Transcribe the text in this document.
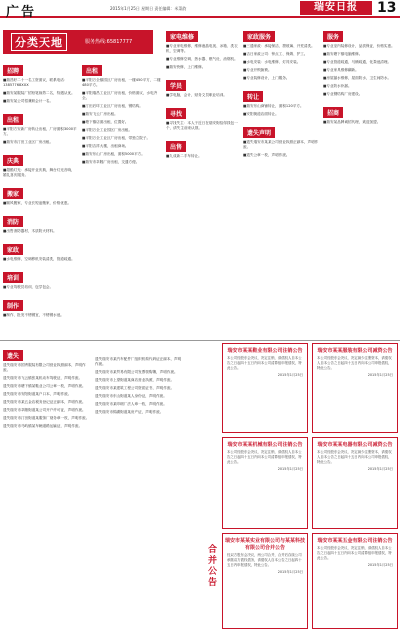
广告	2015年1月25日 星期日 责任编辑：米菜韵	瑞安日报	13
分类天地	服务热线:65817777
招聘
■瑞昌盱二十一名工资面议，联系电话：13857768XXX
■瑞安某服装厂招铅笔裁剪二名，待遇从优。
■瑞安某公司招兼职会计一名。
出租
■平阳方安新厂房转让出租，厂房面积3000平方。
■瑞安市汀田工业区厂房出租。
庆典
■超酷灯光：承接开业庆典，舞台灯光音响，婚礼喜庆服务。
搬家
■顺风搬家，专业长短途搬家，价格优惠。
消防
■出售消防器材，木质防火材料。
家政
■水电维修，空调移机安装清洗，管道疏通。
培训
■专业驾驶员培训，包学包会。
制作
■制作、批发不锈钢宜，不锈钢水池。
出租
■平阳万全镇园区厂房出租，一楼450平方，二楼480平方。
■平阳瑞昌工业区厂房出租，价格面议，水电齐全。
■汀田后垟工业区厂房出租，钢结构。
■瑞安飞云厂房出租。
■塘下镇店面出租，位置好。
■平阳万全工业园区厂房出租。
■平阳万全工业区厂房出租，带独立院子。
■平阳吉祥大楼，出租商场。
■瑞安东山厂房出租，面积5000平方。
■瑞安市莘塍厂房出租，交通方便。
家电维修
■专业家电维修，维修液晶电视、冰箱、洗衣机、空调等。
■专业维修空调、热水器、燃气灶、油烟机。
■瑞安快修，上门维修。
学员
■学电脑，会计，财务文员职业培训。
寻找
■寻找失主：本人于近日在瑞安街拾得钱包一个，请失主前来认领。
出售
■九成新二手车转让。
家政服务
■三通家政：承接保洁、擦玻璃、开荒清洗。
■吉日家政公司：钟点工、保姆、护工。
■水电安装：水电维修、灯具安装。
■专业开锁换锁。
■专业装修设计，上门服务。
转让
■瑞安东山商铺转让，面积120平方。
■安阳街道店面转让。
遗失声明
■遗失瑞安市某某公司营业执照正副本，声明作废。
■遗失公章一枚，声明作废。
服务
■专业室内装修设计，品质保证，价格实惠。
■瑞安塘下镇电脑维修。
■专业管道疏通，马桶疏通，化粪池清理。
■专业家具维修翻新。
■房屋漏水维修，屋面防水，卫生间防水。
■专业防水补漏。
■专业钢结构厂房建设。
招商
■瑞安某品牌诚招代理，欢迎加盟。
遗失
遗失瑞安市国秀服装有限公司营业执照副本，声明作废。
遗失瑞安市飞云镇张某机动车驾驶证，声明作废。
遗失瑞安市塘下镇某鞋业公司公章一枚，声明作废。
遗失瑞安市安阳街道某户口本，声明作废。
遗失瑞安市某五金店税务登记证正副本，声明作废。
遗失瑞安市莘塍街道某公司开户许可证，声明作废。
遗失瑞安市汀田街道某服饰厂财务章一枚，声明作废。
遗失瑞安市马屿镇某车辆道路运输证，声明作废。
遗失瑞安市某汽车配件厂组织机构代码证正副本，声明作废。
遗失瑞安市某贸易有限公司发票领购簿，声明作废。
遗失瑞安市上望街道某商店营业执照，声明作废。
遗失瑞安市某建筑工程公司资质证书，声明作废。
遗失瑞安市东山街道某人身份证，声明作废。
遗失瑞安市某印刷厂法人章一枚，声明作废。
遗失瑞安市锦湖街道某房产证，声明作废。
合并公告
瑞安市某某鞋业有限公司注销公告
本公司经股东会决议，决定注销，请债权人自本公告之日起四十五日内向本公司清算组申报债权，特此公告。
2015年1月25日
瑞安市某某服装有限公司减资公告
本公司经股东会决议，决定减少注册资本，请债权人自本公告之日起四十五日内向本公司申报债权，特此公告。
2015年1月25日
瑞安市某某机械有限公司注销公告
本公司经股东会决议，决定注销，请债权人自本公告之日起四十五日内向本公司清算组申报债权，特此公告。
2015年1月25日
瑞安市某某电器有限公司减资公告
本公司经股东会决议，决定减少注册资本，请债权人自本公告之日起四十五日内向本公司申报债权，特此公告。
2015年1月25日
瑞安市某某实业有限公司与某某科技有限公司合并公告
经双方股东会决议，两公司合并，合并后存续公司承继双方债权债务，请债权人自本公告之日起四十五日内申报债权，特此公告。
2015年1月25日
瑞安市某某五金有限公司注销公告
本公司经股东会决议，决定注销，请债权人自本公告之日起四十五日内向本公司清算组申报债权，特此公告。
2015年1月25日
